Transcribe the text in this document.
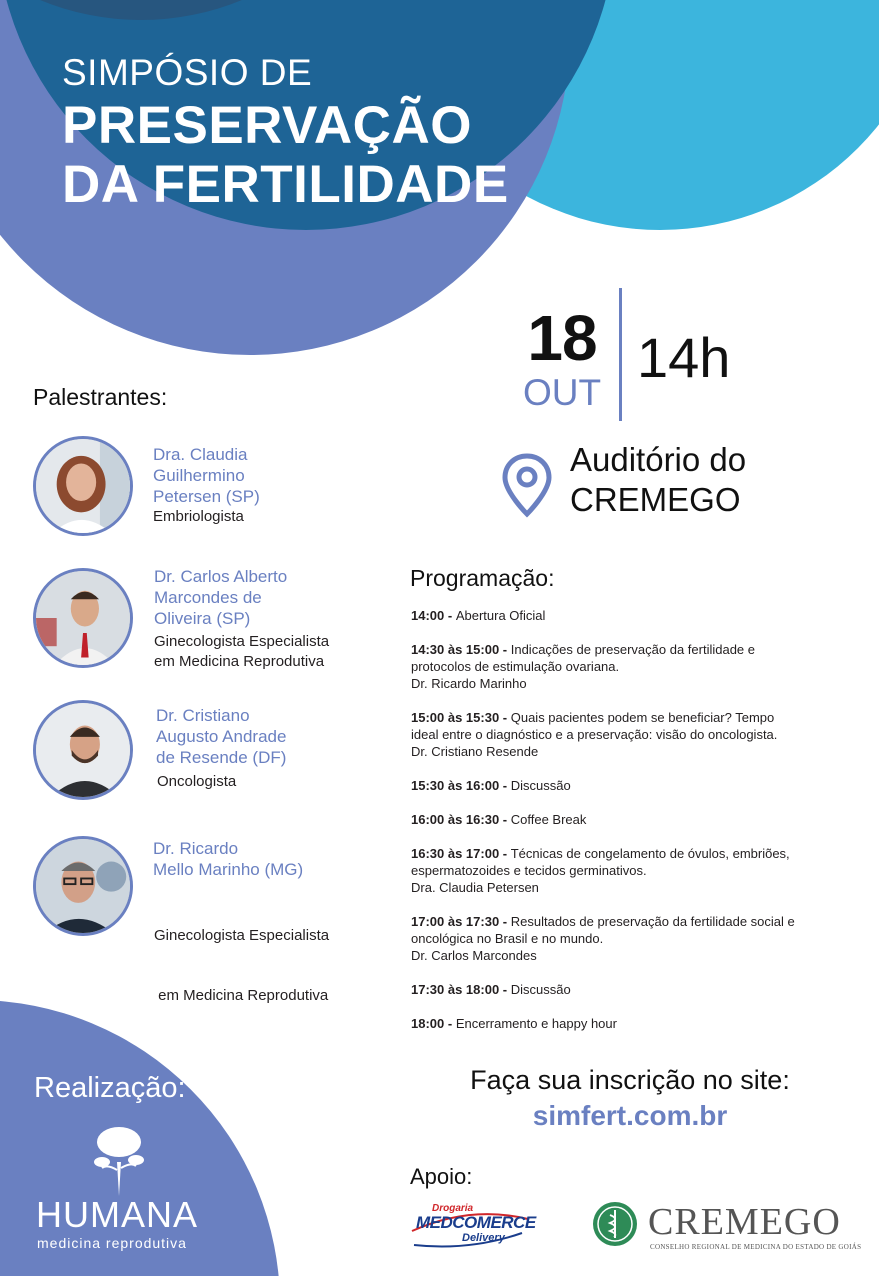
SIMPÓSIO DE
PRESERVAÇÃO
DA FERTILIDADE
18
OUT
14h
Auditório do
CREMEGO
Palestrantes:
Dra. Claudia
Guilhermino
Petersen (SP)
Embriologista
Dr. Carlos Alberto
Marcondes de
Oliveira (SP)
Ginecologista Especialista
em Medicina Reprodutiva
Dr. Cristiano
Augusto Andrade
de Resende (DF)
Oncologista
Dr. Ricardo
Mello Marinho (MG)

Ginecologista Especialista

em Medicina Reprodutiva

Programação:
14:00 - Abertura Oficial
14:30 às 15:00 - Indicações de preservação da fertilidade e
protocolos de estimulação ovariana.
Dr. Ricardo Marinho
15:00 às 15:30 - Quais pacientes podem se beneficiar? Tempo
ideal entre o diagnóstico e a preservação: visão do oncologista.
Dr. Cristiano Resende
15:30 às 16:00 - Discussão
16:00 às 16:30 - Coffee Break
16:30 às 17:00 - Técnicas de congelamento de óvulos, embriões,
espermatozoides e tecidos germinativos.
Dra. Claudia Petersen
17:00 às 17:30 - Resultados de preservação da fertilidade social e
oncológica no Brasil e no mundo.
Dr. Carlos Marcondes
17:30 às 18:00 - Discussão
18:00 - Encerramento e happy hour
Faça sua inscrição no site:
simfert.com.br
Realização:
HUMANA
medicina reprodutiva
Apoio:
Drogaria
MEDCOMERCE
Delivery	CREMEGO
CONSELHO REGIONAL DE MEDICINA DO ESTADO DE GOIÁS
